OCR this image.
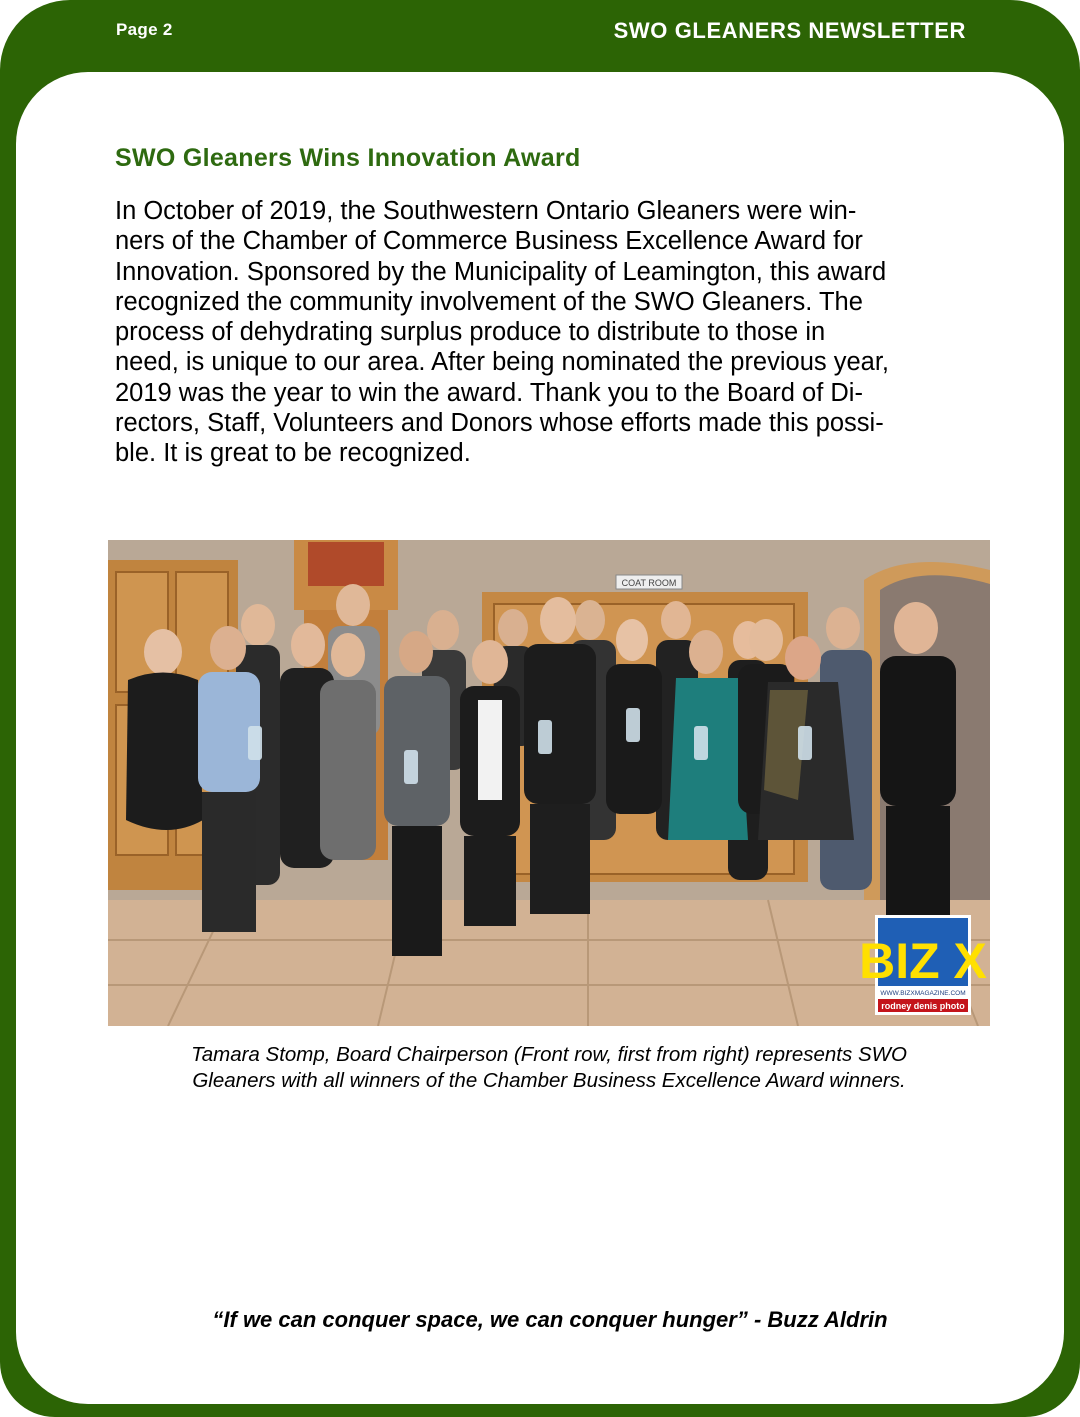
Page 2	SWO GLEANERS NEWSLETTER
SWO Gleaners Wins Innovation Award
In October of 2019, the Southwestern Ontario Gleaners were win-
ners of the Chamber of Commerce Business Excellence Award for
Innovation. Sponsored by the Municipality of Leamington, this award
recognized the community involvement of the SWO Gleaners. The
process of dehydrating surplus produce to distribute to those in
need, is unique to our area. After being nominated the previous year,
2019 was the year to win the award. Thank you to the Board of Di-
rectors, Staff, Volunteers and Donors whose efforts made this possi-
ble. It is great to be recognized.
COAT ROOM
BIZ X
WWW.BIZXMAGAZINE.COM
rodney denis photo
Tamara Stomp, Board Chairperson (Front row, first from right) represents SWO
Gleaners with all winners of the Chamber Business Excellence Award winners.
“If we can conquer space, we can conquer hunger” - Buzz Aldrin
